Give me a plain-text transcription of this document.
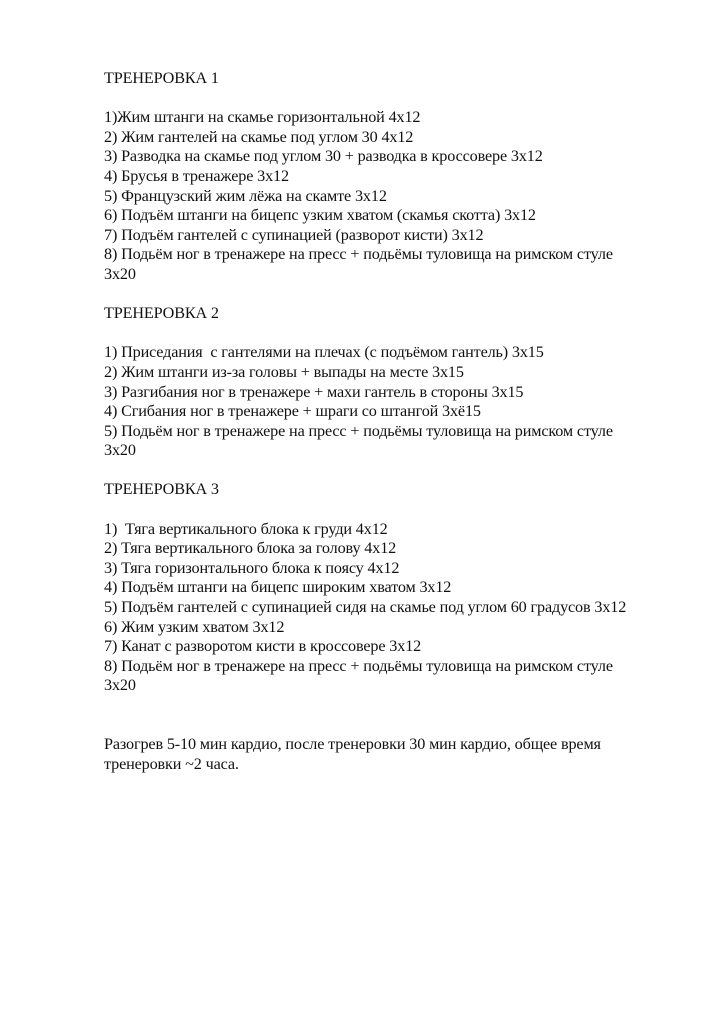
ТРЕНЕРОВКА 1
1)Жим штанги на скамье горизонтальной 4х12
2) Жим гантелей на скамье под углом 30 4х12
3) Разводка на скамье под углом 30 + разводка в кроссовере 3х12
4) Брусья в тренажере 3х12
5) Французский жим лёжа на скамте 3х12
6) Подъём штанги на бицепс узким хватом (скамья скотта) 3х12
7) Подъём гантелей с супинацией (разворот кисти) 3х12
8) Подьём ног в тренажере на пресс + подьёмы туловища на римском стуле
3х20
ТРЕНЕРОВКА 2
1) Приседания  с гантелями на плечах (с подъёмом гантель) 3х15
2) Жим штанги из-за головы + выпады на месте 3х15
3) Разгибания ног в тренажере + махи гантель в стороны 3х15
4) Сгибания ног в тренажере + шраги со штангой 3хё15
5) Подьём ног в тренажере на пресс + подьёмы туловища на римском стуле
3х20
ТРЕНЕРОВКА 3
1)  Тяга вертикального блока к груди 4х12
2) Тяга вертикального блока за голову 4х12
3) Тяга горизонтального блока к поясу 4х12
4) Подъём штанги на бицепс широким хватом 3х12
5) Подъём гантелей с супинацией сидя на скамье под углом 60 градусов 3х12
6) Жим узким хватом 3х12
7) Канат с разворотом кисти в кроссовере 3х12
8) Подьём ног в тренажере на пресс + подьёмы туловища на римском стуле
3х20

Разогрев 5-10 мин кардио, после тренеровки 30 мин кардио, общее время
тренеровки ~2 часа.
